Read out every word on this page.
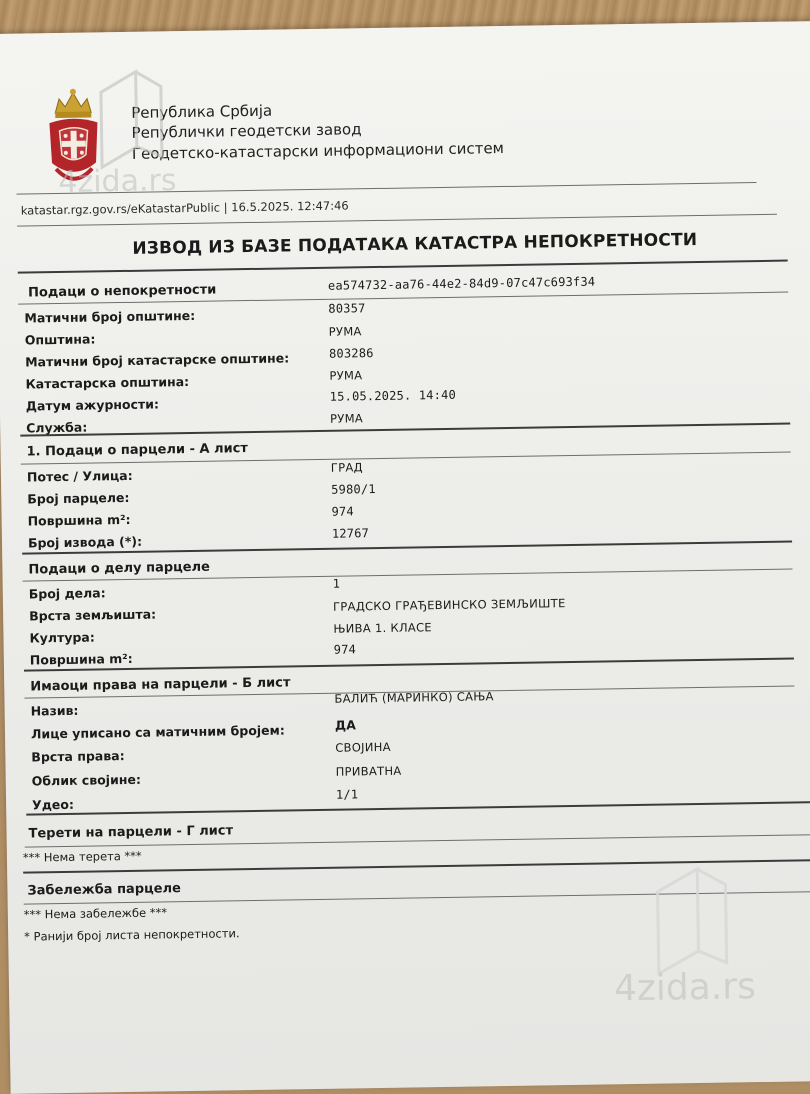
Република Србија
Републички геодетски завод
Геодетско-катастарски информациони систем
4zida.rs
katastar.rgz.gov.rs/eKatastarPublic | 16.5.2025. 12:47:46
ИЗВОД ИЗ БАЗЕ ПОДАТАКА КАТАСТРА НЕПОКРЕТНОСТИ
Подаци о непокретности	ea574732-aa76-44e2-84d9-07c47c693f34
Матични број општине:	80357
Општина:	РУМА
Матични број катастарске општине:	803286
Катастарска општина:	РУМА
Датум ажурности:
15.05.2025. 14:40
Служба:
РУМА
1. Подаци о парцели - А лист
Потес / Улица:
ГРАД
Број парцеле:
5980/1
Површина m²:
974
Број извода (*):
12767
Подаци о делу парцеле
Број дела:
1
Врста земљишта:
ГРАДСКО ГРАЂЕВИНСКО ЗЕМЉИШТЕ
Култура:
ЊИВА 1. КЛАСЕ
Површина m²:
974
Имаоци права на парцели - Б лист
Назив:
БАЛИЋ (МАРИНКО) САЊА
Лице уписано са матичним бројем:	ДА
Врста права:
СВОЈИНА
Облик својине:
ПРИВАТНА
Удео:
1/1
Терети на парцели - Г лист
*** Нема терета ***
Забележба парцеле
*** Нема забележбе ***
* Ранији број листа непокретности.
4zida.rs
